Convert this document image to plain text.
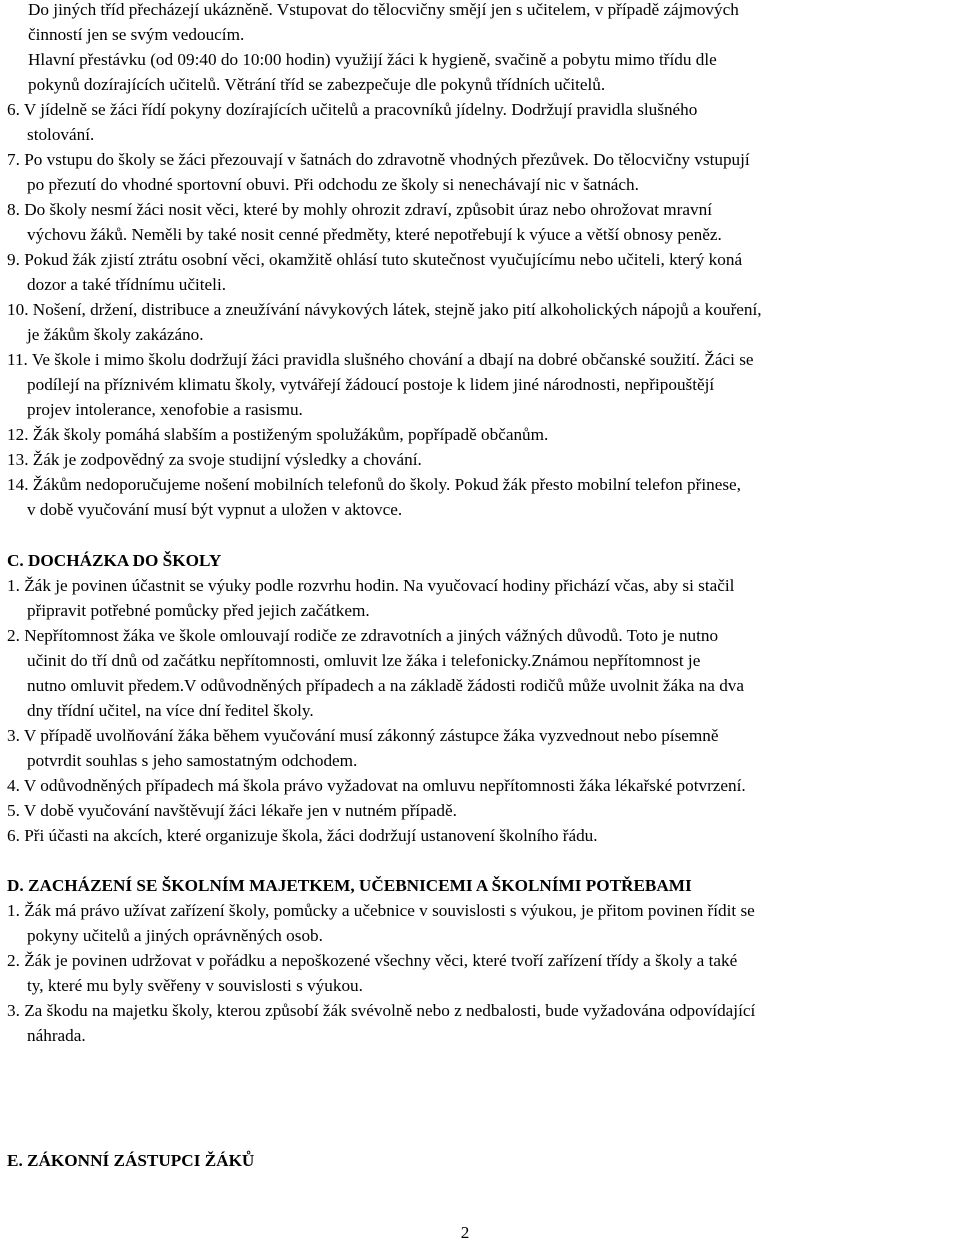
Do jiných tříd přecházejí ukázněně. Vstupovat do tělocvičny smějí jen s učitelem, v případě zájmových

činností jen se svým vedoucím.

Hlavní přestávku (od 09:40 do 10:00 hodin) využijí žáci k hygieně, svačině a pobytu mimo třídu dle

pokynů dozírajících učitelů. Větrání tříd se zabezpečuje dle pokynů třídních učitelů.

6. V jídelně se žáci řídí pokyny dozírajících učitelů a pracovníků jídelny. Dodržují pravidla slušného

stolování.

7. Po vstupu do školy se žáci přezouvají v šatnách do zdravotně vhodných přezůvek. Do tělocvičny vstupují

po přezutí do vhodné sportovní obuvi. Při odchodu ze školy si nenechávají nic v šatnách.

8. Do školy nesmí žáci nosit věci, které by mohly ohrozit zdraví, způsobit úraz nebo ohrožovat mravní

výchovu žáků. Neměli by také nosit cenné předměty, které nepotřebují k výuce a větší obnosy peněz.

9. Pokud žák zjistí ztrátu osobní věci, okamžitě ohlásí tuto skutečnost vyučujícímu nebo učiteli, který koná

dozor a také třídnímu učiteli.

10. Nošení, držení, distribuce a zneužívání návykových látek, stejně jako pití alkoholických nápojů a kouření,

je žákům školy zakázáno.

11. Ve škole i mimo školu dodržují žáci pravidla slušného chování a dbají na dobré občanské soužití. Žáci se

podílejí na příznivém klimatu školy, vytvářejí žádoucí postoje k lidem jiné národnosti, nepřipouštějí

projev intolerance, xenofobie a rasismu.

12. Žák školy pomáhá slabším a postiženým spolužákům, popřípadě občanům.

13. Žák je zodpovědný za svoje studijní výsledky a chování.

14. Žákům nedoporučujeme nošení mobilních telefonů do školy. Pokud žák přesto mobilní telefon přinese,

v době vyučování musí být vypnut a uložen v aktovce.

C. DOCHÁZKA DO ŠKOLY

1. Žák je povinen účastnit se výuky podle rozvrhu hodin. Na vyučovací hodiny přichází včas, aby si stačil

připravit potřebné pomůcky před jejich začátkem.

2. Nepřítomnost žáka ve škole omlouvají rodiče ze zdravotních a jiných vážných důvodů. Toto je nutno

učinit do tří dnů od začátku nepřítomnosti, omluvit lze žáka i telefonicky.Známou nepřítomnost je

nutno omluvit předem.V odůvodněných případech a na základě žádosti rodičů může uvolnit žáka na dva

dny třídní učitel, na více dní ředitel školy.

3. V případě uvolňování žáka během vyučování musí zákonný zástupce žáka vyzvednout nebo písemně

potvrdit souhlas s jeho samostatným odchodem.

4. V odůvodněných případech má škola právo vyžadovat na omluvu nepřítomnosti žáka lékařské potvrzení.

5. V době vyučování navštěvují žáci lékaře jen v nutném případě.

6. Při účasti na akcích, které organizuje škola, žáci dodržují ustanovení školního řádu.

D. ZACHÁZENÍ SE ŠKOLNÍM MAJETKEM, UČEBNICEMI A ŠKOLNÍMI POTŘEBAMI

1. Žák má právo užívat zařízení školy, pomůcky a učebnice v souvislosti s výukou, je přitom povinen řídit se

pokyny učitelů a jiných oprávněných osob.

2. Žák je povinen udržovat v pořádku a nepoškozené všechny věci, které tvoří zařízení třídy a školy a také

ty, které mu byly svěřeny v souvislosti s výukou.

3. Za škodu na majetku školy, kterou způsobí žák svévolně nebo z nedbalosti, bude vyžadována odpovídající

náhrada.

E. ZÁKONNÍ ZÁSTUPCI ŽÁKŮ

2
